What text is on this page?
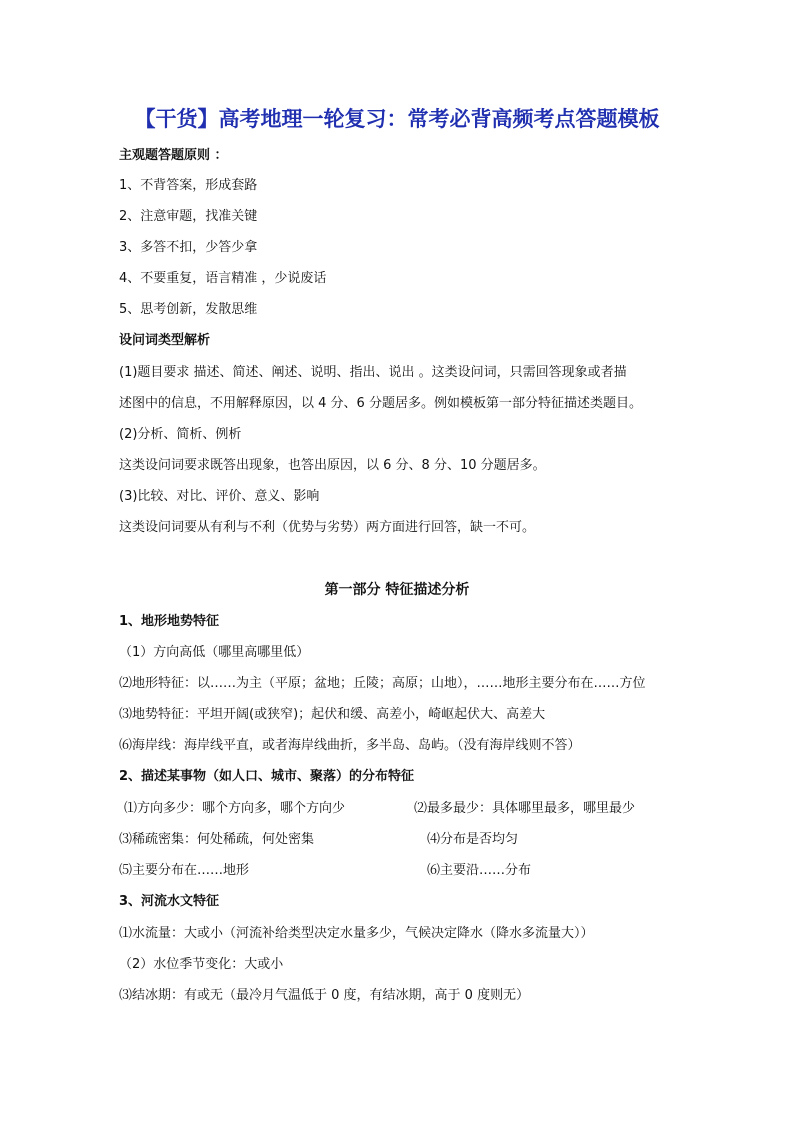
【干货】高考地理一轮复习：常考必背高频考点答题模板
主观题答题原则 ：
1、不背答案，形成套路
2、注意审题，找准关键
3、多答不扣，少答少拿
4、不要重复，语言精准 ，少说废话
5、思考创新，发散思维
设问词类型解析
(1)题目要求 描述、简述、阐述、说明、指出、说出 。这类设问词，只需回答现象或者描
述图中的信息，不用解释原因，以 4 分、6 分题居多。例如模板第一部分特征描述类题目。
(2)分析、简析、例析
这类设问词要求既答出现象，也答出原因，以 6 分、8 分、10 分题居多。
(3)比较、对比、评价、意义、影响
这类设问词要从有利与不利（优势与劣势）两方面进行回答，缺一不可。
第一部分 特征描述分析
1、地形地势特征
（1）方向高低（哪里高哪里低）
⑵地形特征：以……为主（平原；盆地；丘陵；高原；山地），……地形主要分布在……方位
⑶地势特征：平坦开阔(或狭窄)；起伏和缓、高差小，崎岖起伏大、高差大
⑹海岸线：海岸线平直，或者海岸线曲折，多半岛、岛屿。（没有海岸线则不答）
2、描述某事物（如人口、城市、聚落）的分布特征
⑴方向多少：哪个方向多，哪个方向少	⑵最多最少：具体哪里最多，哪里最少
⑶稀疏密集：何处稀疏，何处密集	⑷分布是否均匀
⑸主要分布在……地形	⑹主要沿……分布
3、河流水文特征
⑴水流量：大或小（河流补给类型决定水量多少，气候决定降水（降水多流量大））
（2）水位季节变化：大或小
⑶结冰期：有或无（最冷月气温低于 0 度，有结冰期，高于 0 度则无）
